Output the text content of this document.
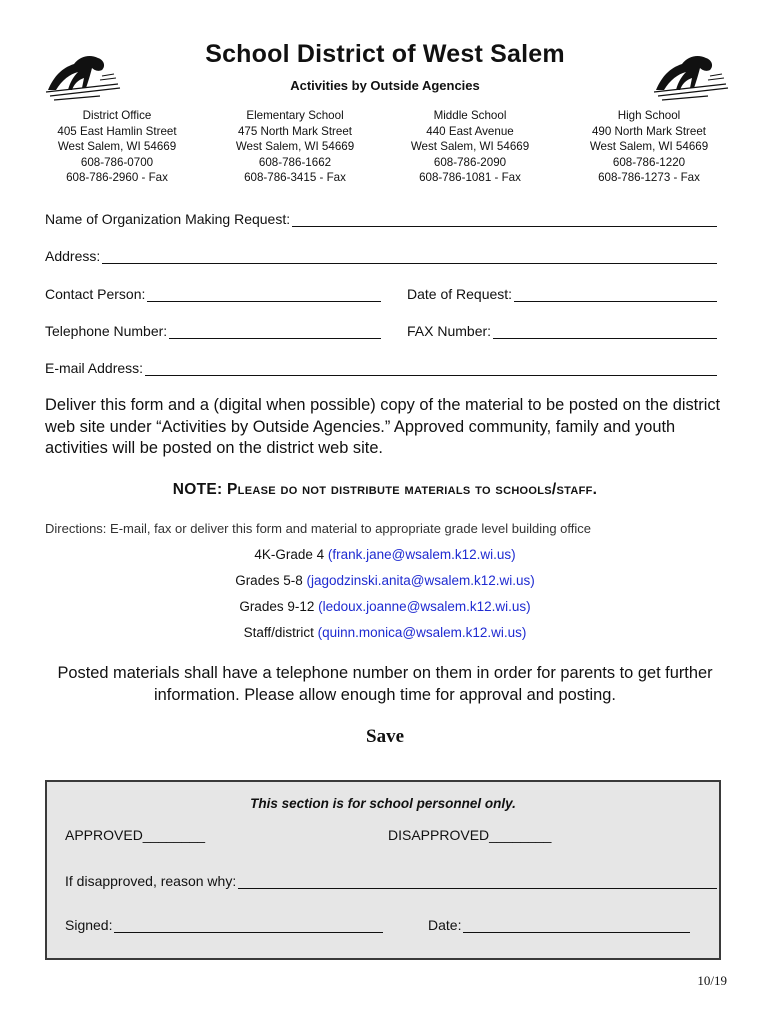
School District of West Salem
Activities by Outside Agencies
District Office
405 East Hamlin Street
West Salem, WI 54669
608-786-0700
608-786-2960 - Fax
Elementary School
475 North Mark Street
West Salem, WI 54669
608-786-1662
608-786-3415 - Fax
Middle School
440 East Avenue
West Salem, WI 54669
608-786-2090
608-786-1081 - Fax
High School
490 North Mark Street
West Salem, WI 54669
608-786-1220
608-786-1273 - Fax
Name of Organization Making Request:
Address:
Contact Person:	Date of Request:
Telephone Number:	FAX Number:
E-mail Address:
Deliver this form and a (digital when possible) copy of the material to be posted on the district web site under “Activities by Outside Agencies.” Approved community, family and youth activities will be posted on the district web site.
NOTE: Please do not distribute materials to schools/staff.
Directions: E-mail, fax or deliver this form and material to appropriate grade level building office
4K-Grade 4 (frank.jane@wsalem.k12.wi.us)
Grades 5-8 (jagodzinski.anita@wsalem.k12.wi.us)
Grades 9-12 (ledoux.joanne@wsalem.k12.wi.us)
Staff/district (quinn.monica@wsalem.k12.wi.us)
Posted materials shall have a telephone number on them in order for parents to get further information. Please allow enough time for approval and posting.
Save
This section is for school personnel only.
APPROVED________	DISAPPROVED________
If disapproved, reason why:
Signed:	Date:
10/19
